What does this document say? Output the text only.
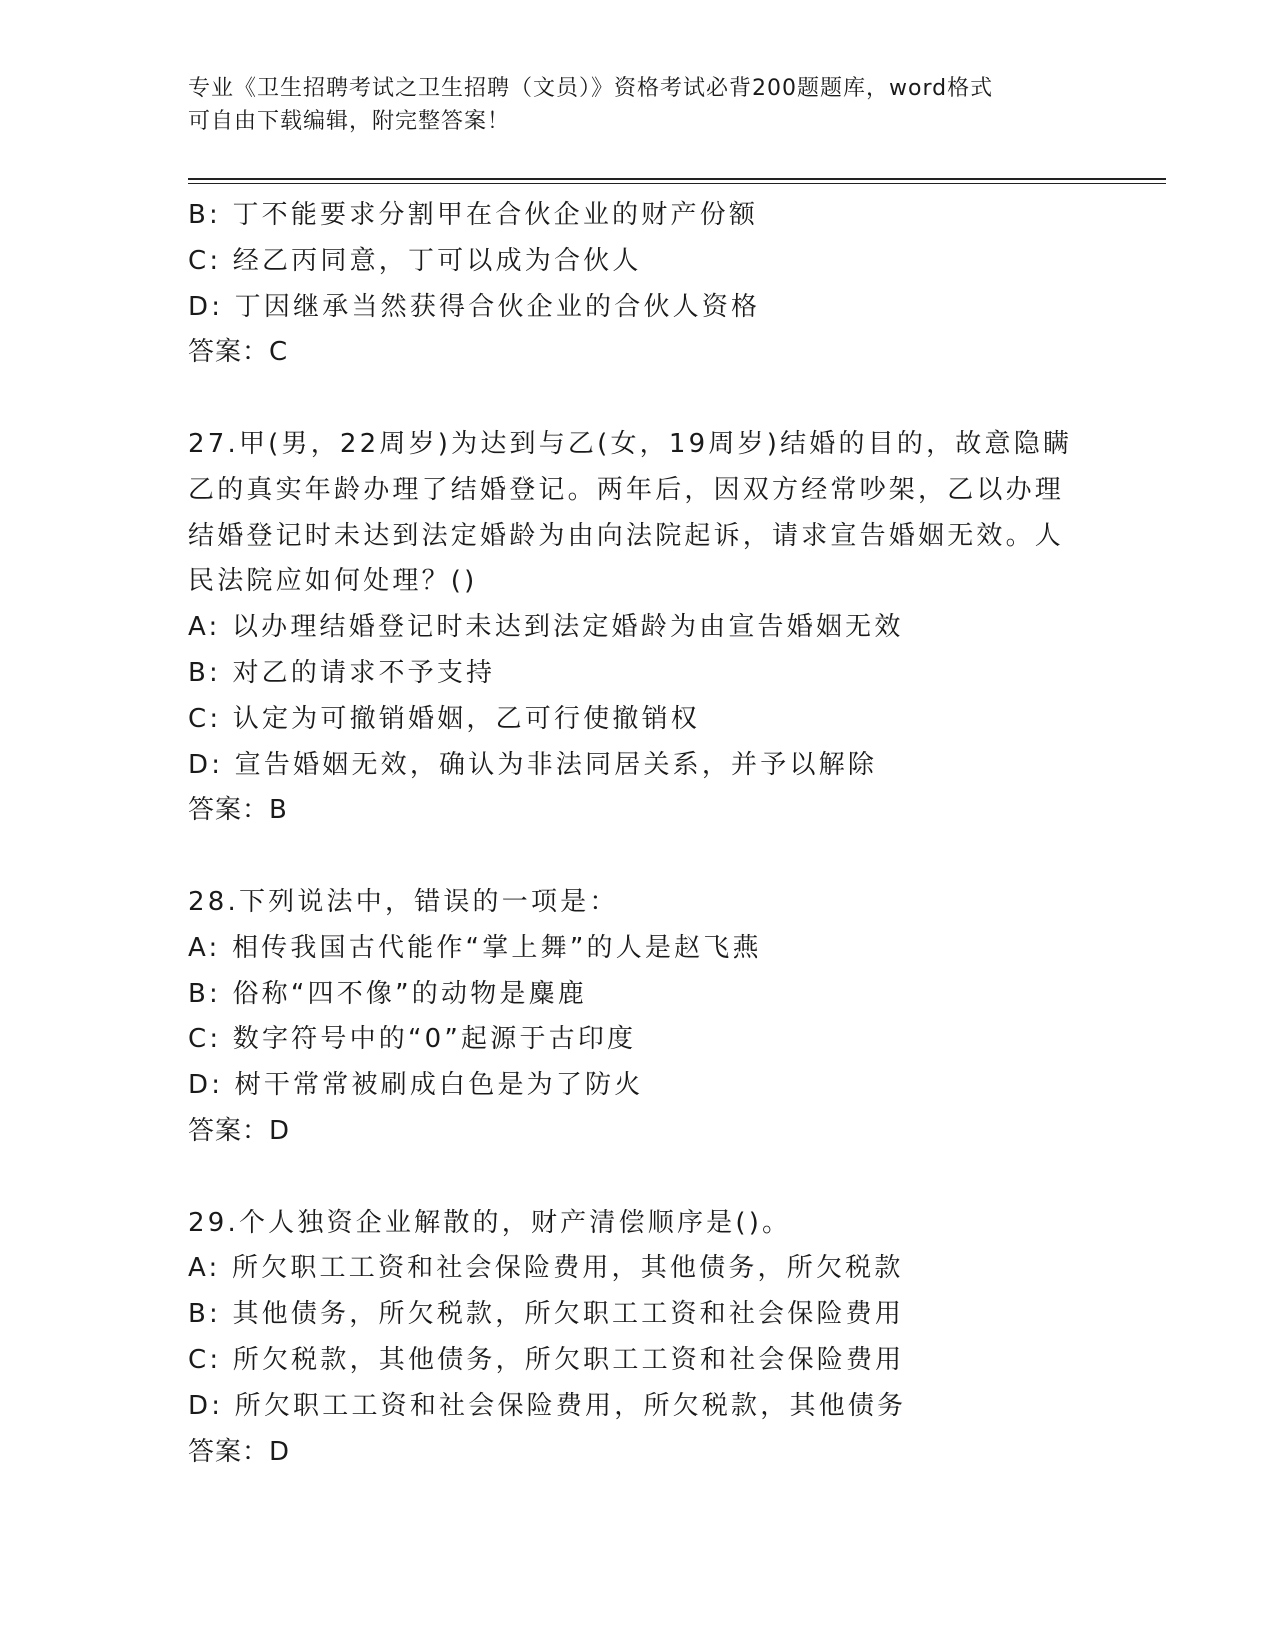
专业《卫生招聘考试之卫生招聘（文员）》资格考试必背200题题库，word格式
可自由下载编辑，附完整答案！
B: 丁不能要求分割甲在合伙企业的财产份额
C: 经乙丙同意，丁可以成为合伙人
D: 丁因继承当然获得合伙企业的合伙人资格
答案：C
27.甲(男，22周岁)为达到与乙(女，19周岁)结婚的目的，故意隐瞒
乙的真实年龄办理了结婚登记。两年后，因双方经常吵架，乙以办理
结婚登记时未达到法定婚龄为由向法院起诉，请求宣告婚姻无效。人
民法院应如何处理？()
A: 以办理结婚登记时未达到法定婚龄为由宣告婚姻无效
B: 对乙的请求不予支持
C: 认定为可撤销婚姻，乙可行使撤销权
D: 宣告婚姻无效，确认为非法同居关系，并予以解除
答案：B
28.下列说法中，错误的一项是：
A: 相传我国古代能作“掌上舞”的人是赵飞燕
B: 俗称“四不像”的动物是麋鹿
C: 数字符号中的“0”起源于古印度
D: 树干常常被刷成白色是为了防火
答案：D
29.个人独资企业解散的，财产清偿顺序是()。
A: 所欠职工工资和社会保险费用，其他债务，所欠税款
B: 其他债务，所欠税款，所欠职工工资和社会保险费用
C: 所欠税款，其他债务，所欠职工工资和社会保险费用
D: 所欠职工工资和社会保险费用，所欠税款，其他债务
答案：D
